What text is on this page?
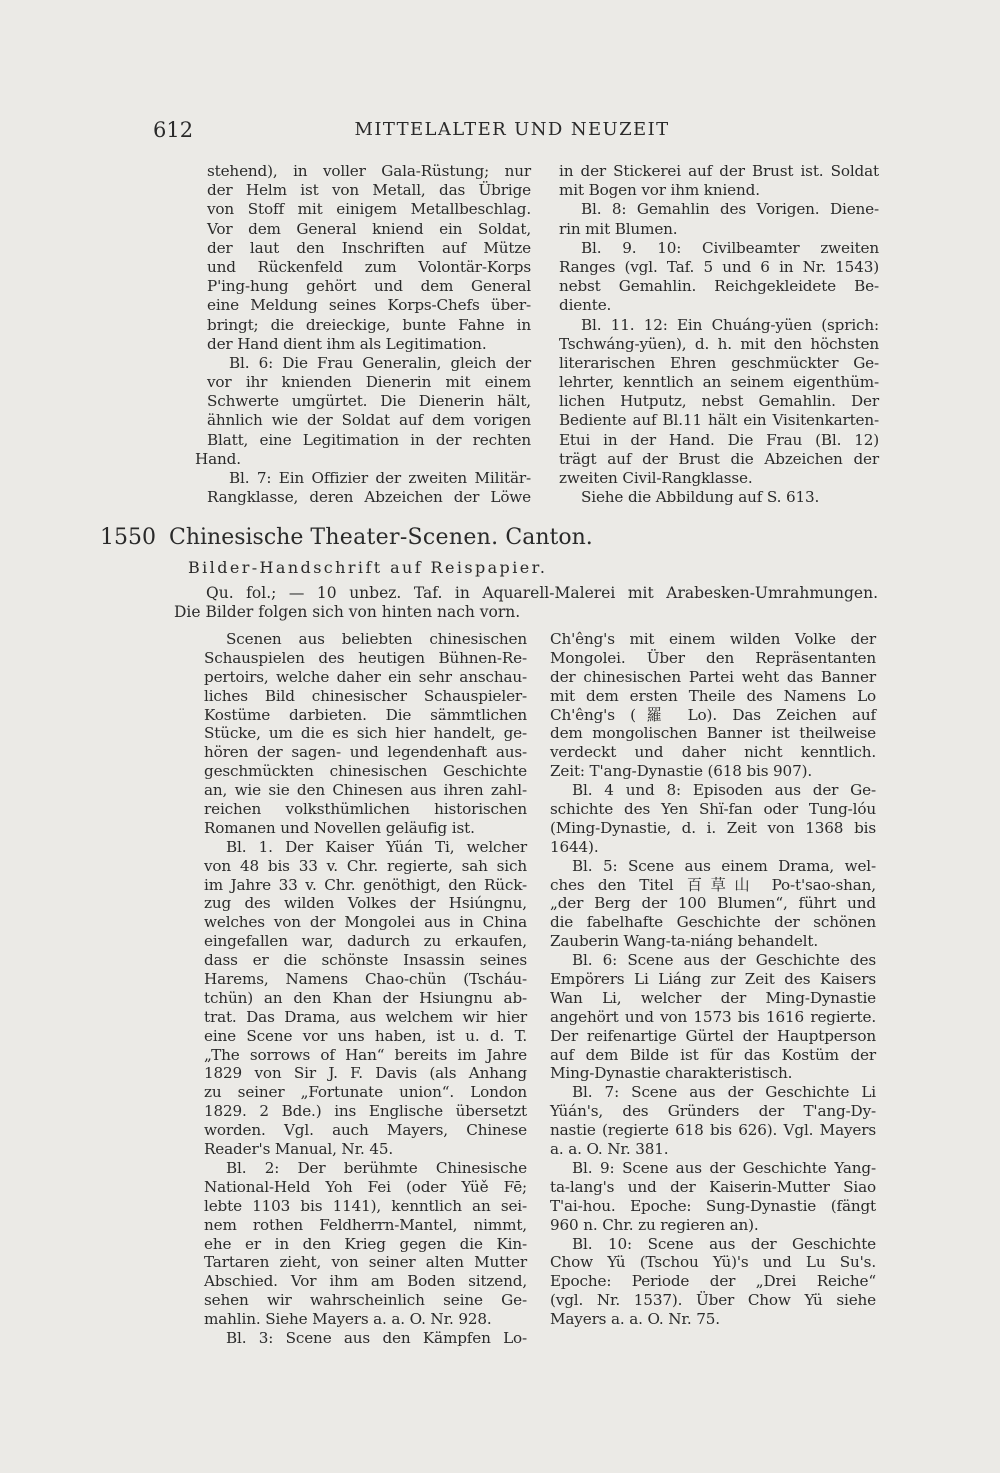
612	MITTELALTER UND NEUZEIT
stehend), in voller Gala-Rüstung; nur
der Helm ist von Metall, das Übrige
von Stoff mit einigem Metallbeschlag.
Vor dem General kniend ein Soldat,
der laut den Inschriften auf Mütze
und Rückenfeld zum Volontär-Korps
P'ing-hung gehört und dem General
eine Meldung seines Korps-Chefs über-
bringt; die dreieckige, bunte Fahne in
der Hand dient ihm als Legitimation.
Bl. 6: Die Frau Generalin, gleich der
vor ihr knienden Dienerin mit einem
Schwerte umgürtet. Die Dienerin hält,
ähnlich wie der Soldat auf dem vorigen
Blatt, eine Legitimation in der rechten
Hand.
Bl. 7: Ein Offizier der zweiten Militär-
Rangklasse, deren Abzeichen der Löwe
in der Stickerei auf der Brust ist. Soldat
mit Bogen vor ihm kniend.
Bl. 8: Gemahlin des Vorigen. Diene-
rin mit Blumen.
Bl. 9. 10: Civilbeamter zweiten
Ranges (vgl. Taf. 5 und 6 in Nr. 1543)
nebst Gemahlin. Reichgekleidete Be-
diente.
Bl. 11. 12: Ein Chuáng-yüen (sprich:
Tschwáng-yüen), d. h. mit den höchsten
literarischen Ehren geschmückter Ge-
lehrter, kenntlich an seinem eigenthüm-
lichen Hutputz, nebst Gemahlin. Der
Bediente auf Bl.11 hält ein Visitenkarten-
Etui in der Hand. Die Frau (Bl. 12)
trägt auf der Brust die Abzeichen der
zweiten Civil-Rangklasse.
Siehe die Abbildung auf S. 613.
1550 Chinesische Theater-Scenen. Canton.
Bilder-Handschrift auf Reispapier.
Qu. fol.; — 10 unbez. Taf. in Aquarell-Malerei mit Arabesken-Umrahmungen.
Die Bilder folgen sich von hinten nach vorn.
Scenen aus beliebten chinesischen
Schauspielen des heutigen Bühnen-Re-
pertoirs, welche daher ein sehr anschau-
liches Bild chinesischer Schauspieler-
Kostüme darbieten. Die sämmtlichen
Stücke, um die es sich hier handelt, ge-
hören der sagen- und legendenhaft aus-
geschmückten chinesischen Geschichte
an, wie sie den Chinesen aus ihren zahl-
reichen volksthümlichen historischen
Romanen und Novellen geläufig ist.
Bl. 1. Der Kaiser Yüán Ti, welcher
von 48 bis 33 v. Chr. regierte, sah sich
im Jahre 33 v. Chr. genöthigt, den Rück-
zug des wilden Volkes der Hsiúngnu,
welches von der Mongolei aus in China
eingefallen war, dadurch zu erkaufen,
dass er die schönste Insassin seines
Harems, Namens Chao-chün (Tscháu-
tchün) an den Khan der Hsiungnu ab-
trat. Das Drama, aus welchem wir hier
eine Scene vor uns haben, ist u. d. T.
„The sorrows of Han“ bereits im Jahre
1829 von Sir J. F. Davis (als Anhang
zu seiner „Fortunate union“. London
1829. 2 Bde.) ins Englische übersetzt
worden. Vgl. auch Mayers, Chinese
Reader's Manual, Nr. 45.
Bl. 2: Der berühmte Chinesische
National-Held Yoh Fei (oder Yüě Fē;
lebte 1103 bis 1141), kenntlich an sei-
nem rothen Feldherrn-Mantel, nimmt,
ehe er in den Krieg gegen die Kin-
Tartaren zieht, von seiner alten Mutter
Abschied. Vor ihm am Boden sitzend,
sehen wir wahrscheinlich seine Ge-
mahlin. Siehe Mayers a. a. O. Nr. 928.
Bl. 3: Scene aus den Kämpfen Lo-
Ch'êng's mit einem wilden Volke der
Mongolei. Über den Repräsentanten
der chinesischen Partei weht das Banner
mit dem ersten Theile des Namens Lo
Ch'êng's (羅 Lo). Das Zeichen auf
dem mongolischen Banner ist theilweise
verdeckt und daher nicht kenntlich.
Zeit: T'ang-Dynastie (618 bis 907).
Bl. 4 und 8: Episoden aus der Ge-
schichte des Yen Shï-fan oder Tung-lóu
(Ming-Dynastie, d. i. Zeit von 1368 bis
1644).
Bl. 5: Scene aus einem Drama, wel-
ches den Titel 百草山 Po-t'sao-shan,
„der Berg der 100 Blumen“, führt und
die fabelhafte Geschichte der schönen
Zauberin Wang-ta-niáng behandelt.
Bl. 6: Scene aus der Geschichte des
Empörers Li Liáng zur Zeit des Kaisers
Wan Li, welcher der Ming-Dynastie
angehört und von 1573 bis 1616 regierte.
Der reifenartige Gürtel der Hauptperson
auf dem Bilde ist für das Kostüm der
Ming-Dynastie charakteristisch.
Bl. 7: Scene aus der Geschichte Li
Yüán's, des Gründers der T'ang-Dy-
nastie (regierte 618 bis 626). Vgl. Mayers
a. a. O. Nr. 381.
Bl. 9: Scene aus der Geschichte Yang-
ta-lang's und der Kaiserin-Mutter Siao
T'ai-hou. Epoche: Sung-Dynastie (fängt
960 n. Chr. zu regieren an).
Bl. 10: Scene aus der Geschichte
Chow Yü (Tschou Yü)'s und Lu Su's.
Epoche: Periode der „Drei Reiche“
(vgl. Nr. 1537). Über Chow Yü siehe
Mayers a. a. O. Nr. 75.
